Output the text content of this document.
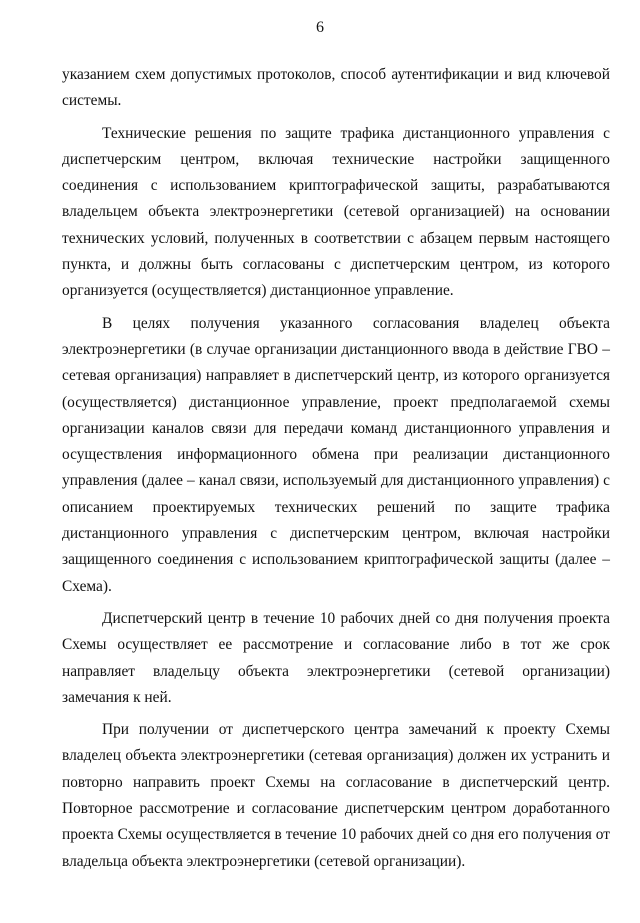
6

указанием схем допустимых протоколов, способ аутентификации и вид ключевой системы.

Технические решения по защите трафика дистанционного управления с диспетчерским центром, включая технические настройки защищенного соединения с использованием криптографической защиты, разрабатываются владельцем объекта электроэнергетики (сетевой организацией) на основании технических условий, полученных в соответствии с абзацем первым настоящего пункта, и должны быть согласованы с диспетчерским центром, из которого организуется (осуществляется) дистанционное управление.

В целях получения указанного согласования владелец объекта электроэнергетики (в случае организации дистанционного ввода в действие ГВО – сетевая организация) направляет в диспетчерский центр, из которого организуется (осуществляется) дистанционное управление, проект предполагаемой схемы организации каналов связи для передачи команд дистанционного управления и осуществления информационного обмена при реализации дистанционного управления (далее – канал связи, используемый для дистанционного управления) с описанием проектируемых технических решений по защите трафика дистанционного управления с диспетчерским центром, включая настройки защищенного соединения с использованием криптографической защиты (далее – Схема).

Диспетчерский центр в течение 10 рабочих дней со дня получения проекта Схемы осуществляет ее рассмотрение и согласование либо в тот же срок направляет владельцу объекта электроэнергетики (сетевой организации) замечания к ней.

При получении от диспетчерского центра замечаний к проекту Схемы владелец объекта электроэнергетики (сетевая организация) должен их устранить и повторно направить проект Схемы на согласование в диспетчерский центр. Повторное рассмотрение и согласование диспетчерским центром доработанного проекта Схемы осуществляется в течение 10 рабочих дней со дня его получения от владельца объекта электроэнергетики (сетевой организации).
